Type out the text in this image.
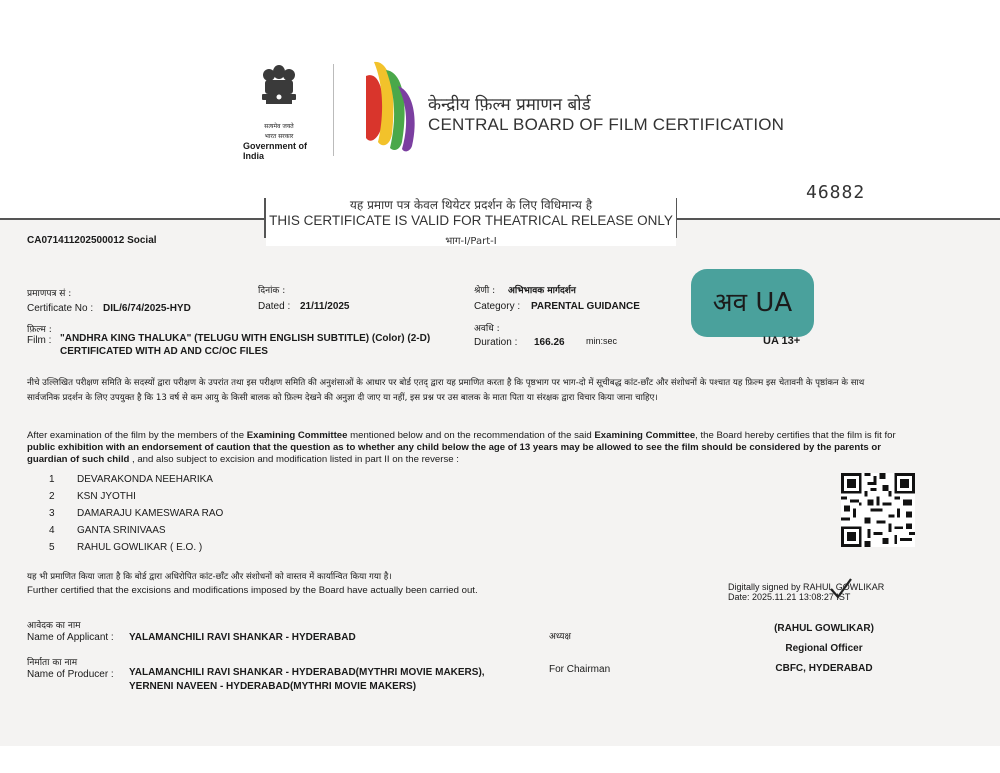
सत्यमेव जयते
भारत सरकार
Government of India
केन्द्रीय फ़िल्म प्रमाणन बोर्ड
CENTRAL BOARD OF FILM CERTIFICATION
46882
यह प्रमाण पत्र केवल थियेटर प्रदर्शन के लिए विधिमान्य है
THIS CERTIFICATE IS VALID FOR THEATRICAL RELEASE ONLY
भाग-I/Part-I
CA071411202500012 Social
प्रमाणपत्र सं :
Certificate No : DIL/6/74/2025-HYD
दिनांक :
Dated : 21/11/2025
श्रेणी : अभिभावक मार्गदर्शन
Category : PARENTAL GUIDANCE	अव UA
UA 13+
फ़िल्म :
Film : "ANDHRA KING THALUKA" (TELUGU WITH ENGLISH SUBTITLE) (Color) (2-D)
CERTIFICATED WITH AD AND CC/OC FILES
अवधि :
Duration : 166.26 min:sec
नीचे उल्लिखित परीक्षण समिति के सदस्यों द्वारा परीक्षण के उपरांत तथा इस परीक्षण समिति की अनुशंसाओं के आधार पर बोर्ड एतद् द्वारा यह प्रमाणित करता है कि पृष्ठभाग पर भाग-दो में सूचीबद्ध कांट-छाँट और संशोधनों के पश्चात यह फ़िल्म इस चेतावनी के पृष्ठांकन के साथ सार्वजनिक प्रदर्शन के लिए उपयुक्त है कि 13 वर्ष से कम आयु के किसी बालक को फ़िल्म देखने की अनुज्ञा दी जाए या नहीं, इस प्रश्न पर उस बालक के माता पिता या संरक्षक द्वारा विचार किया जाना चाहिए।
After examination of the film by the members of the Examining Committee mentioned below and on the recommendation of the said Examining Committee, the Board hereby certifies that the film is fit for public exhibition with an endorsement of caution that the question as to whether any child below the age of 13 years may be allowed to see the film should be considered by the parents or guardian of such child , and also subject to excision and modification listed in part II on the reverse :
1 DEVARAKONDA NEEHARIKA
2 KSN JYOTHI
3 DAMARAJU KAMESWARA RAO
4 GANTA SRINIVAAS
5 RAHUL GOWLIKAR ( E.O. )
यह भी प्रमाणित किया जाता है कि बोर्ड द्वारा अधिरोपित कांट-छाँट और संशोधनों को वास्तव में कार्यान्वित किया गया है।
Further certified that the excisions and modifications imposed by the Board have actually been carried out.	Digitally signed by RAHUL GOWLIKAR
Date: 2025.11.21 13:08:27 IST
आवेदक का नाम
Name of Applicant : YALAMANCHILI RAVI SHANKAR - HYDERABAD
निर्माता का नाम
Name of Producer : YALAMANCHILI RAVI SHANKAR - HYDERABAD(MYTHRI MOVIE MAKERS),
YERNENI NAVEEN - HYDERABAD(MYTHRI MOVIE MAKERS)
अध्यक्ष
For Chairman
(RAHUL GOWLIKAR)
Regional Officer
CBFC, HYDERABAD
